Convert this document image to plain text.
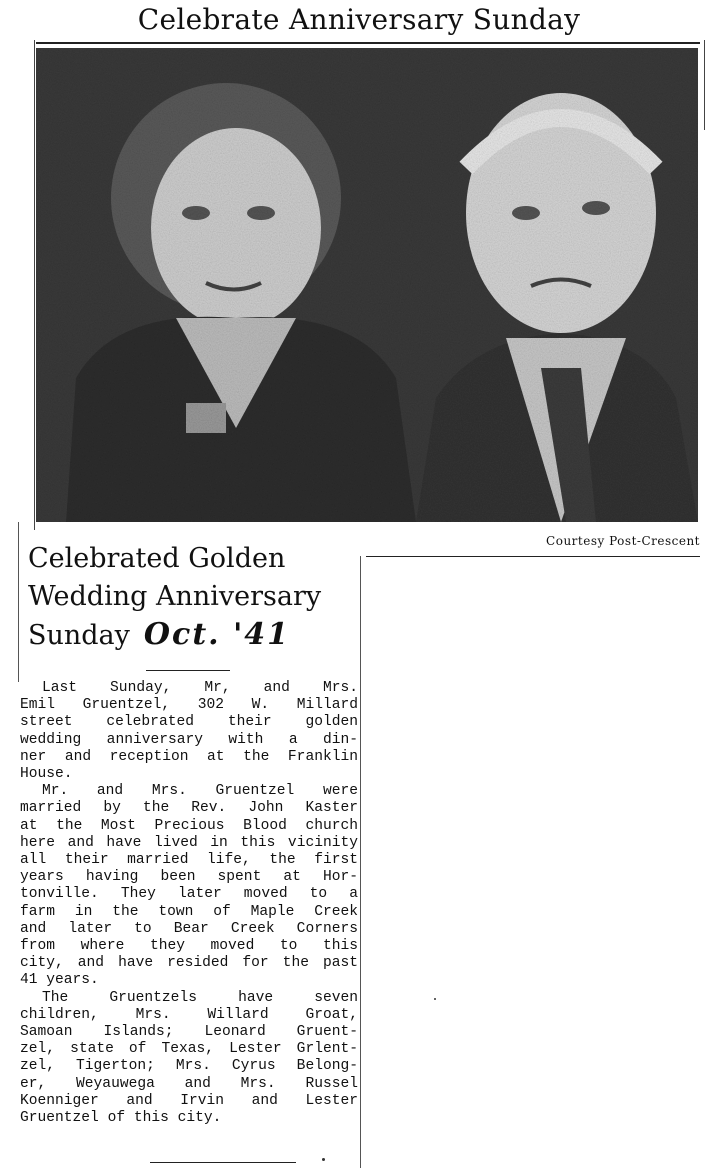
Celebrate Anniversary Sunday
Courtesy Post-Crescent
Celebrated Golden
Wedding Anniversary
Sunday Oct. '41
Last Sunday, Mr, and Mrs.
Emil Gruentzel, 302 W. Millard
street celebrated their golden
wedding anniversary with a din-
ner and reception at the Franklin
House.
Mr. and Mrs. Gruentzel were
married by the Rev. John Kaster
at the Most Precious Blood church
here and have lived in this vicinity
all their married life, the first
years having been spent at Hor-
tonville. They later moved to a
farm in the town of Maple Creek
and later to Bear Creek Corners
from where they moved to this
city, and have resided for the past
41 years.
The Gruentzels have seven
children, Mrs. Willard Groat,
Samoan Islands; Leonard Gruent-
zel, state of Texas, Lester Grlent-
zel, Tigerton; Mrs. Cyrus Belong-
er, Weyauwega and Mrs. Russel
Koenniger and Irvin and Lester
Gruentzel of this city.
